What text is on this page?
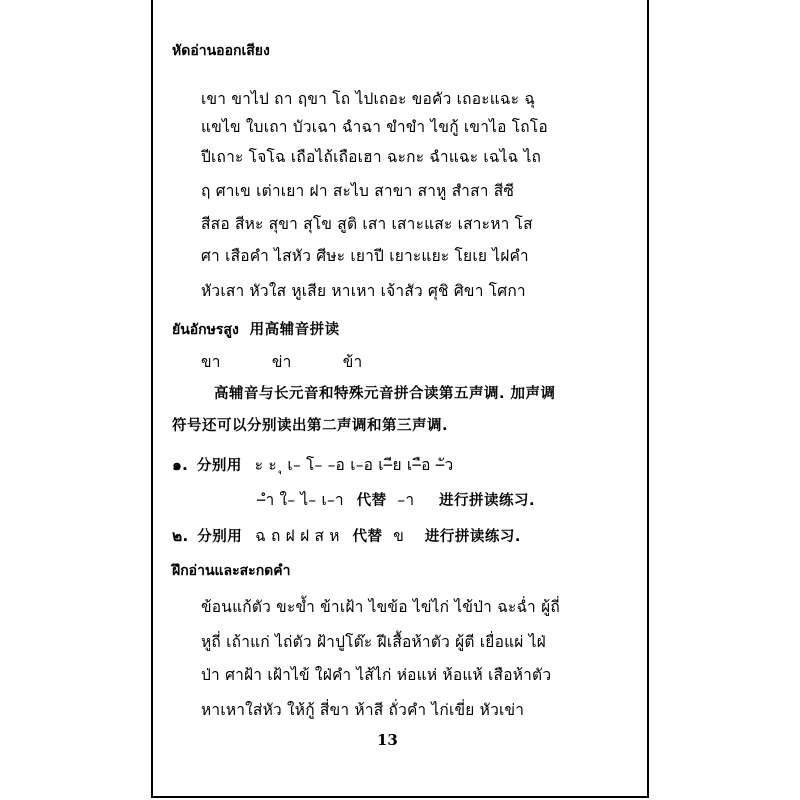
หัดอ่านออกเสียง
เขา ขาไป ถา ฤขา โถ ไปเถอะ ขอคัว เถอะแฉะ ฉุ
แขไข ใบเถา บัวเฉา ฉำฉา ขำขำ ไขกู้ เขาไอ โถโอ
ปีเถาะ โจโฉ เถือไถ้เถือเฮา ฉะกะ ฉำแฉะ เฉไฉ ไถ
ฤ ศาเข เต่าเยา ฝา สะไบ สาขา สาหู สำสา สีซี
สีสอ สีหะ สุขา สุโข สูติ เสา เสาะแสะ เสาะหา โส
ศา เสือคำ ไสหัว ศีษะ เยาปี เยาะแยะ โยเย ไฝคำ
หัวเสา หัวใส หูเสีย หาเหา เจ้าสัว ศุชิ ศิขา โศกา
ยันอักษรสูง 用高辅音拼读
ขา	ข่า	ข้า
高辅音与长元音和特殊元音拼合读第五声调. 加声调
符号还可以分别读出第二声调和第三声调.
๑. 分别用 ะ ะ ุ เ– โ– –อ เ–อ เ–ีย เ–ือ –ัว
–ำ ใ– ไ– เ–า 代替 –า 进行拼读练习.
๒. 分别用 ฉ ถ ฝ ฝ ส ห 代替 ข 进行拼读练习.
ฝึกอ่านและสะกดคำ
ข้อนแก้ตัว ขะข้ำ ข้าเฝ้า ไขข้อ ไข่ไก่ ไข้ป่า ฉะฉ่ำ ผู้ถี่
หูถี่ เถ้าแก่ ไถ่ตัว ฝ้าปูโต๊ะ ฝีเสื้อห้าตัว ผู้ตี เยื่อแผ่ ไฝ่
ป่า ศาฝ้า เฝ้าไข้ ใฝ่คำ ไส้ไก่ ห่อแห่ ห้อแห้ เสือห้าตัว
หาเหาใส่หัว ให้กู้ สี่ขา ห้าสี ถั่วคำ ไก่เขี่ย หัวเข่า
13
